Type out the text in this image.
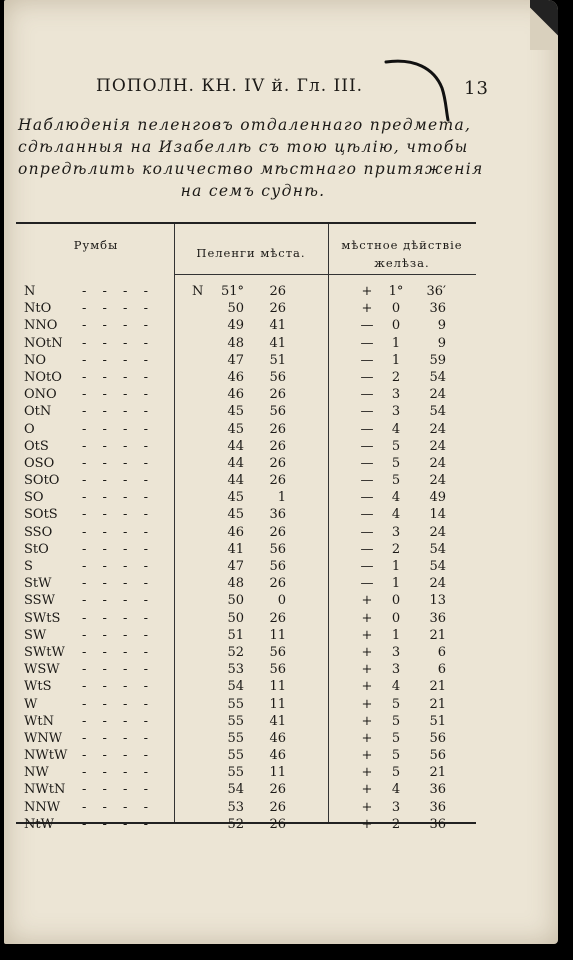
ПОПОЛН. КН. IV й. Гл. III.	13
Наблюденія пеленговъ отдаленнаго предмета,
сдѣланныя на Изабеллѣ съ тою цѣлію, чтобы
опредѣлить количество мѣстнаго притяженія
на семъ суднѣ.
Румбы
Пеленги мѣста.
мѣстное дѣйствіе желѣза.
N	- - - -	N	51°	26	+ 1°	36′
NtO - - - -	50	26	+	0	36
NNO - - - -	49	41	—	0	9
NOtN - - - -	48	41	—	1	9
NO	- - - -	47	51	—	1	59
NOtO - - - -	46	56	—	2	54
ONO - - - -	46	26	—	3	24
OtN - - - -	45	56	—	3	54
O	- - - -	45	26	—	4	24
OtS	- - - -	44	26	—	5	24
OSO - - - -	44	26	—	5	24
SOtO - - - -	44	26	—	5	24
SO	- - - -	45	1	—	4	49
SOtS - - - -	45	36	—	4	14
SSO - - - -	46	26	—	3	24
StO	- - - -	41	56	—	2	54
S	- - - -	47	56	—	1	54
StW - - - -	48	26	—	1	24
SSW - - - -	50	0	+	0	13
SWtS - - - -	50	26	+	0	36
SW	- - - -	51	11	+	1	21
SWtW - - - -	52	56	+	3	6
WSW - - - -	53	56	+	3	6
WtS - - - -	54	11	+	4	21
W	- - - -	55	11	+	5	21
WtN - - - -	55	41	+	5	51
WNW - - - -	55	46	+	5	56
NWtW - - - -	55	46	+	5	56
NW	- - - -	55	11	+	5	21
NWtN - - - -	54	26	+	4	36
NNW - - - -	53	26	+	3	36
NtW - - - -	52	26	+	2	36
